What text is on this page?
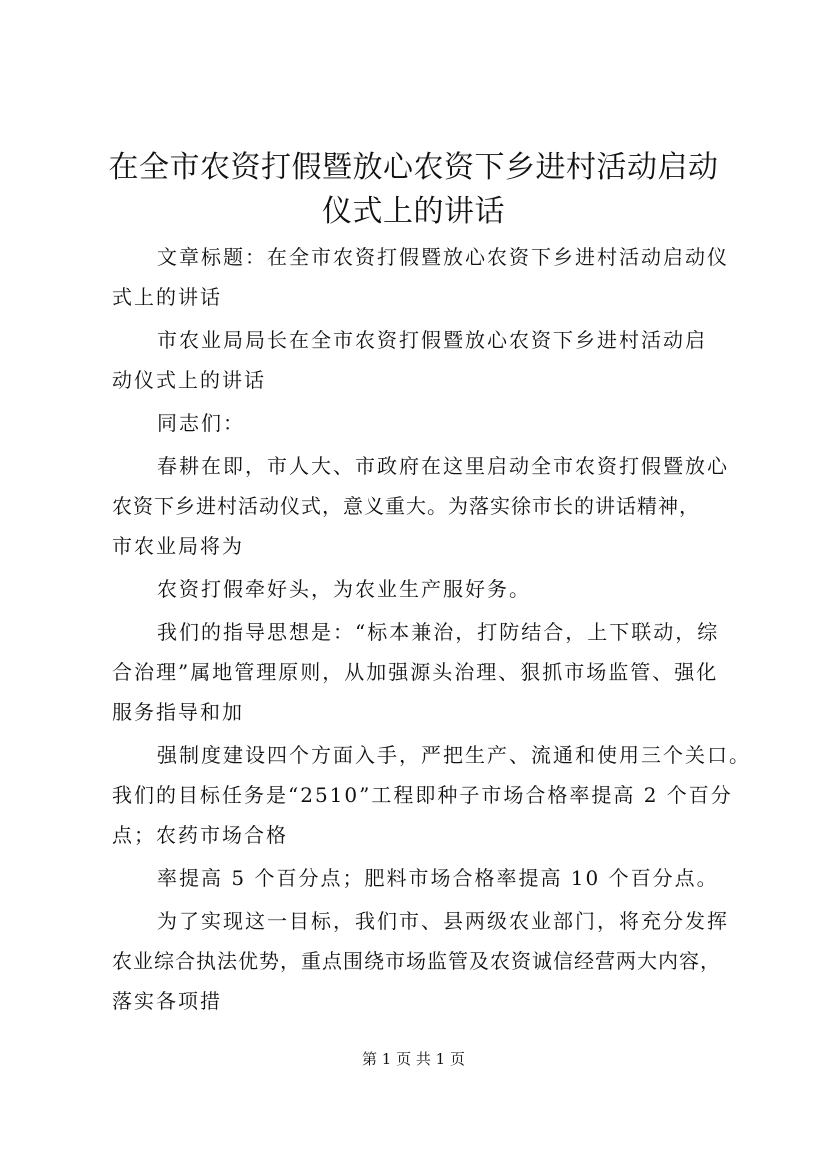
在全市农资打假暨放心农资下乡进村活动启动
仪式上的讲话
文章标题：在全市农资打假暨放心农资下乡进村活动启动仪
式上的讲话
市农业局局长在全市农资打假暨放心农资下乡进村活动启
动仪式上的讲话
同志们：
春耕在即，市人大、市政府在这里启动全市农资打假暨放心
农资下乡进村活动仪式，意义重大。为落实徐市长的讲话精神，
市农业局将为
农资打假牵好头，为农业生产服好务。
我们的指导思想是：“标本兼治，打防结合，上下联动，综
合治理”属地管理原则，从加强源头治理、狠抓市场监管、强化
服务指导和加
强制度建设四个方面入手，严把生产、流通和使用三个关口。
我们的目标任务是“2510”工程即种子市场合格率提高 2 个百分
点；农药市场合格
率提高 5 个百分点；肥料市场合格率提高 10 个百分点。
为了实现这一目标，我们市、县两级农业部门，将充分发挥
农业综合执法优势，重点围绕市场监管及农资诚信经营两大内容，
落实各项措
第 1 页 共 1 页
